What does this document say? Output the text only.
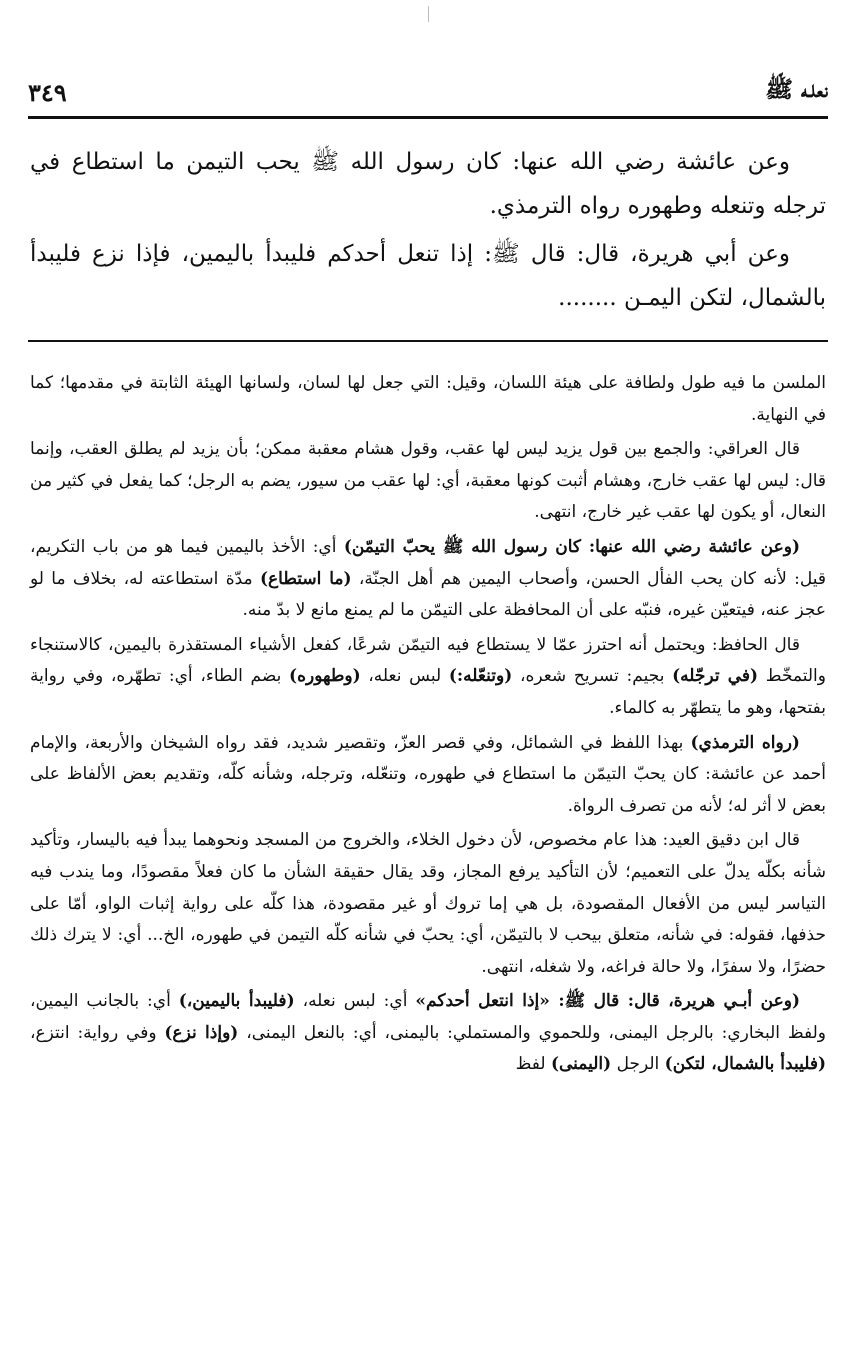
نعلـه ﷺ
٣٤٩

وعن عائشة رضي الله عنها: كان رسول الله ﷺ يحب التيمن ما استطاع في ترجله وتنعله وطهوره رواه الترمذي.

وعن أبي هريرة، قال: قال ﷺ: إذا تنعل أحدكم فليبدأ باليمين، فإذا نزع فليبدأ بالشمال، لتكن اليمـن ........

الملسن ما فيه طول ولطافة على هيئة اللسان، وقيل: التي جعل لها لسان، ولسانها الهيئة الثابتة في مقدمها؛ كما في النهاية.

قال العراقي: والجمع بين قول يزيد ليس لها عقب، وقول هشام معقبة ممكن؛ بأن يزيد لم يطلق العقب، وإنما قال: ليس لها عقب خارج، وهشام أثبت كونها معقبة، أي: لها عقب من سيور، يضم به الرجل؛ كما يفعل في كثير من النعال، أو يكون لها عقب غير خارج، انتهى.

(وعن عائشة رضي الله عنها: كان رسول الله ﷺ يحبّ التيمّن) أي: الأخذ باليمين فيما هو من باب التكريم، قيل: لأنه كان يحب الفأل الحسن، وأصحاب اليمين هم أهل الجنّة، (ما استطاع) مدّة استطاعته له، بخلاف ما لو عجز عنه، فيتعيّن غيره، فنبّه على أن المحافظة على التيمّن ما لم يمنع مانع لا بدّ منه.

قال الحافظ: ويحتمل أنه احترز عمّا لا يستطاع فيه التيمّن شرعًا، كفعل الأشياء المستقذرة باليمين، كالاستنجاء والتمخّط (في ترجّله) بجيم: تسريح شعره، (وتنعّله:) لبس نعله، (وطهوره) بضم الطاء، أي: تطهّره، وفي رواية بفتحها، وهو ما يتطهّر به كالماء.

(رواه الترمذي) بهذا اللفظ في الشمائل، وفي قصر العزّ، وتقصير شديد، فقد رواه الشيخان والأربعة، والإمام أحمد عن عائشة: كان يحبّ التيمّن ما استطاع في طهوره، وتنعّله، وترجله، وشأنه كلّه، وتقديم بعض الألفاظ على بعض لا أثر له؛ لأنه من تصرف الرواة.

قال ابن دقيق العيد: هذا عام مخصوص، لأن دخول الخلاء، والخروج من المسجد ونحوهما يبدأ فيه باليسار، وتأكيد شأنه بكلّه يدلّ على التعميم؛ لأن التأكيد يرفع المجاز، وقد يقال حقيقة الشأن ما كان فعلاً مقصودًا، وما يندب فيه التياسر ليس من الأفعال المقصودة، بل هي إما تروك أو غير مقصودة، هذا كلّه على رواية إثبات الواو، أمّا على حذفها، فقوله: في شأنه، متعلق بيحب لا بالتيمّن، أي: يحبّ في شأنه كلّه التيمن في طهوره، الخ... أي: لا يترك ذلك حضرًا، ولا سفرًا، ولا حالة فراغه، ولا شغله، انتهى.

(وعن أبـي هريرة، قال: قال ﷺ: «إذا انتعل أحدكم» أي: لبس نعله، (فليبدأ باليمين،) أي: بالجانب اليمين، ولفظ البخاري: بالرجل اليمنى، وللحموي والمستملي: باليمنى، أي: بالنعل اليمنى، (وإذا نزع) وفي رواية: انتزع، (فليبدأ بالشمال، لتكن) الرجل (اليمنى) لفظ
